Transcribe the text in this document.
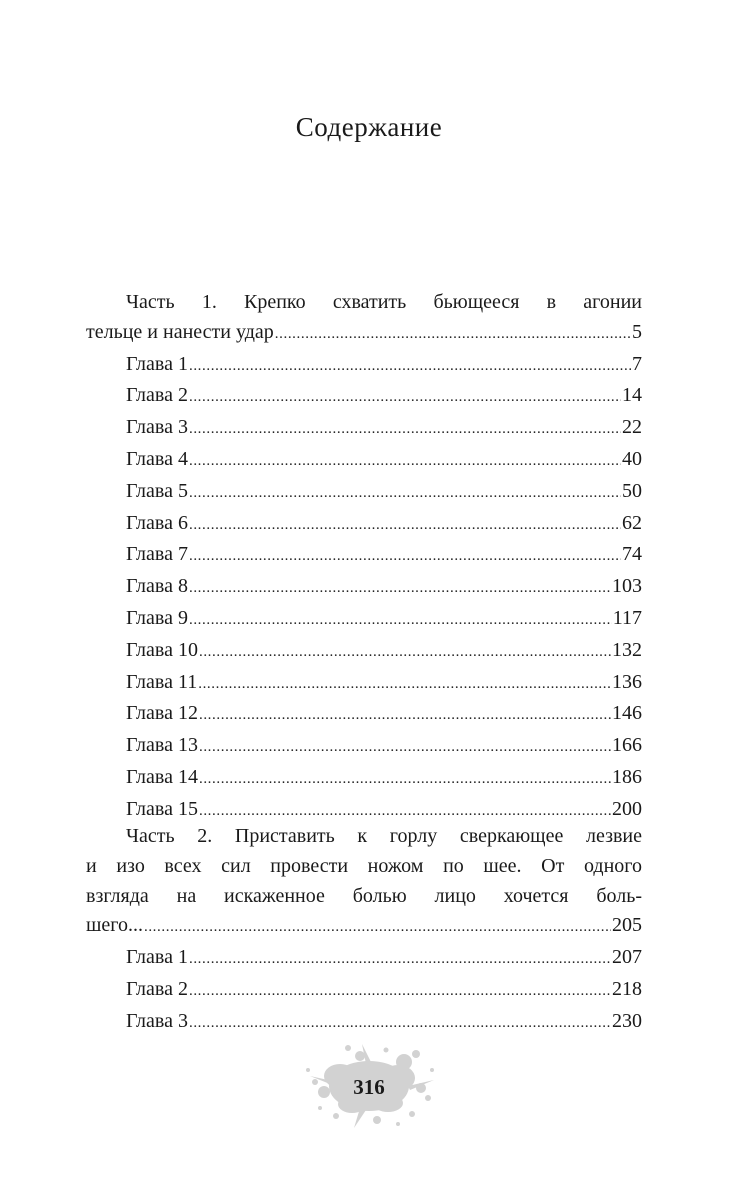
Содержание
Часть 1. Крепко схватить бьющееся в агонии
тельце и нанести удар .....	5
Глава 1 .....	7
Глава 2 .....	14
Глава 3 .....	22
Глава 4 .....	40
Глава 5 .....	50
Глава 6 .....	62
Глава 7 .....	74
Глава 8 .....	103
Глава 9 .....	117
Глава 10 .....	132
Глава 11 .....	136
Глава 12 .....	146
Глава 13 .....	166
Глава 14 .....	186
Глава 15 .....	200
Часть 2. Приставить к горлу сверкающее лезвие
и изо всех сил провести ножом по шее. От одного
взгляда на искаженное болью лицо хочется боль-
шего... .....	205
Глава 1 .....	207
Глава 2 .....	218
Глава 3 .....	230
316
